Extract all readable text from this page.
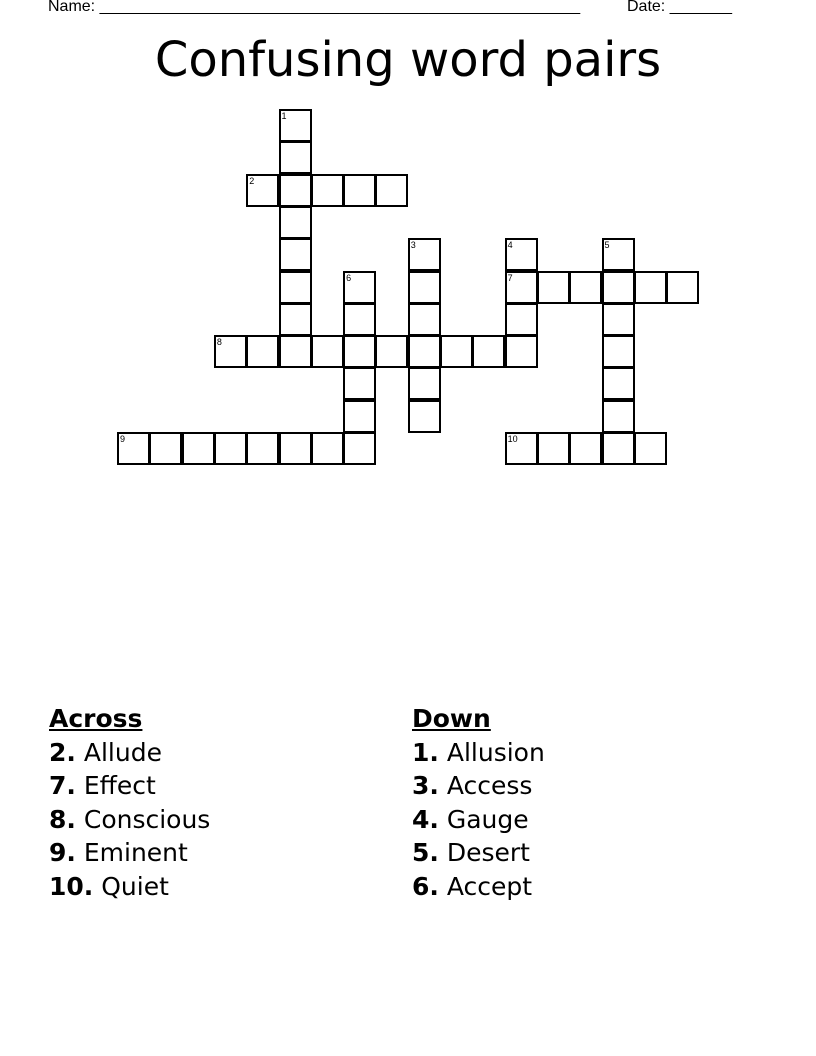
Name: ______________________________________________________	Date: _______
Confusing word pairs
1
2
3	4
7
5
6
8
9	10
Across
2. Allude
7. Effect
8. Conscious
9. Eminent
10. Quiet
Down
1. Allusion
3. Access
4. Gauge
5. Desert
6. Accept
